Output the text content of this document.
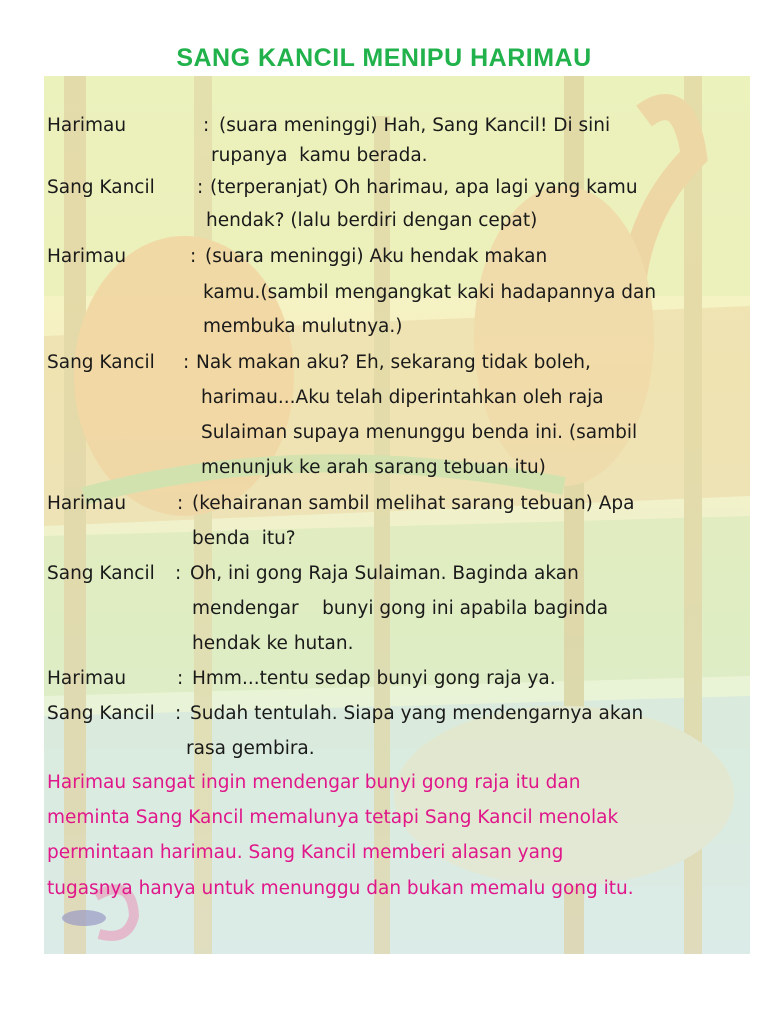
SANG KANCIL MENIPU HARIMAU
Harimau	: (suara meninggi) Hah, Sang Kancil! Di sini
rupanya  kamu berada.
Sang Kancil : (terperanjat) Oh harimau, apa lagi yang kamu
hendak? (lalu berdiri dengan cepat)
Harimau	: (suara meninggi) Aku hendak makan
kamu.(sambil mengangkat kaki hadapannya dan
membuka mulutnya.)
Sang Kancil : Nak makan aku? Eh, sekarang tidak boleh,
harimau...Aku telah diperintahkan oleh raja
Sulaiman supaya menunggu benda ini. (sambil
menunjuk ke arah sarang tebuan itu)
Harimau	: (kehairanan sambil melihat sarang tebuan) Apa
benda  itu?
Sang Kancil : Oh, ini gong Raja Sulaiman. Baginda akan
mendengar    bunyi gong ini apabila baginda
hendak ke hutan.
Harimau	: Hmm...tentu sedap bunyi gong raja ya.
Sang Kancil : Sudah tentulah. Siapa yang mendengarnya akan
rasa gembira.
Harimau sangat ingin mendengar bunyi gong raja itu dan
meminta Sang Kancil memalunya tetapi Sang Kancil menolak
permintaan harimau. Sang Kancil memberi alasan yang
tugasnya hanya untuk menunggu dan bukan memalu gong itu.
